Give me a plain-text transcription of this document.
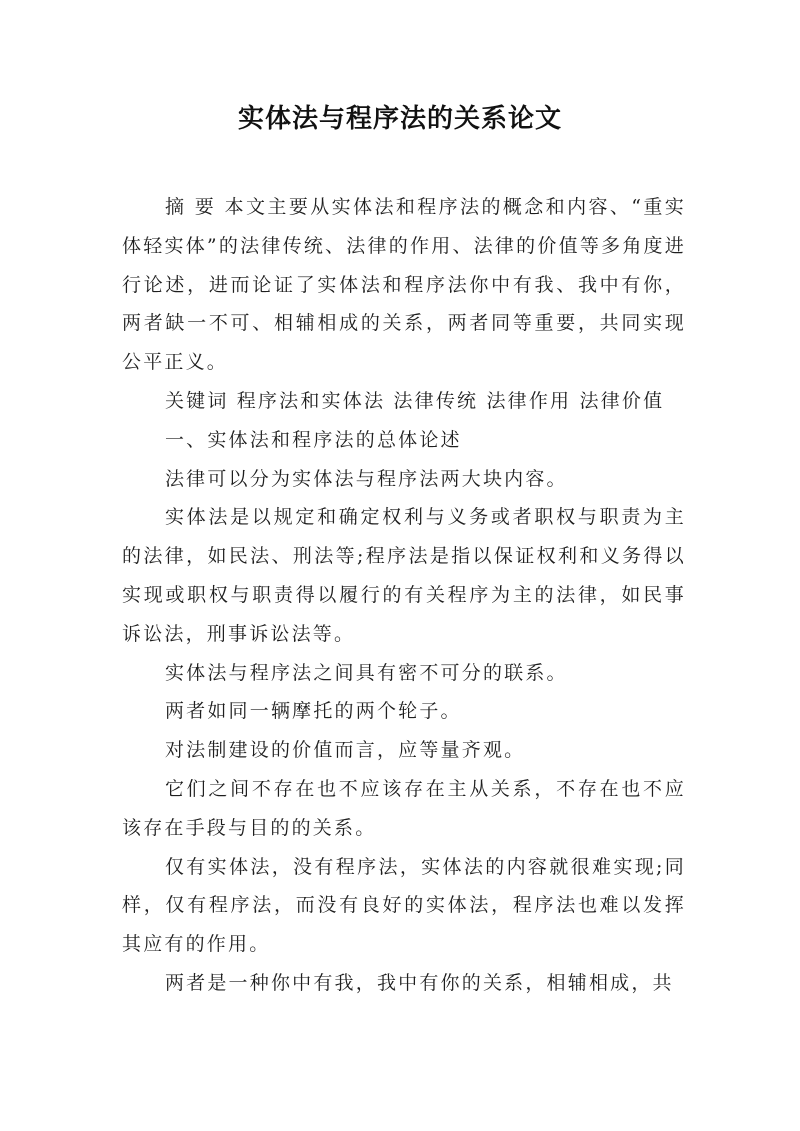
实体法与程序法的关系论文

摘 要 本文主要从实体法和程序法的概念和内容、“重实体轻实体”的法律传统、法律的作用、法律的价值等多角度进行论述，进而论证了实体法和程序法你中有我、我中有你，两者缺一不可、相辅相成的关系，两者同等重要，共同实现公平正义。

关键词 程序法和实体法 法律传统 法律作用 法律价值

一、实体法和程序法的总体论述

法律可以分为实体法与程序法两大块内容。

实体法是以规定和确定权利与义务或者职权与职责为主的法律，如民法、刑法等;程序法是指以保证权利和义务得以实现或职权与职责得以履行的有关程序为主的法律，如民事诉讼法，刑事诉讼法等。

实体法与程序法之间具有密不可分的联系。

两者如同一辆摩托的两个轮子。

对法制建设的价值而言，应等量齐观。

它们之间不存在也不应该存在主从关系，不存在也不应该存在手段与目的的关系。

仅有实体法，没有程序法，实体法的内容就很难实现;同样，仅有程序法，而没有良好的实体法，程序法也难以发挥其应有的作用。

两者是一种你中有我，我中有你的关系，相辅相成，共
